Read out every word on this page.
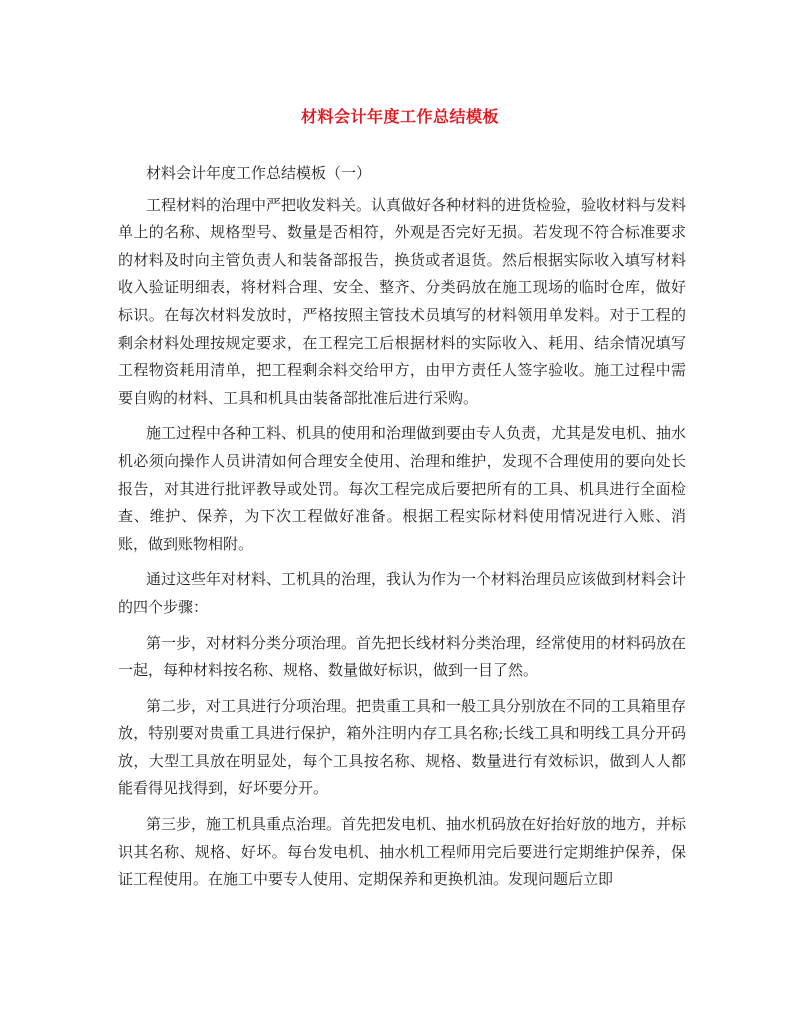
材料会计年度工作总结模板

材料会计年度工作总结模板（一）

工程材料的治理中严把收发料关。认真做好各种材料的进货检验，验收材料与发料单上的名称、规格型号、数量是否相符，外观是否完好无损。若发现不符合标准要求的材料及时向主管负责人和装备部报告，换货或者退货。然后根据实际收入填写材料收入验证明细表，将材料合理、安全、整齐、分类码放在施工现场的临时仓库，做好标识。在每次材料发放时，严格按照主管技术员填写的材料领用单发料。对于工程的剩余材料处理按规定要求，在工程完工后根据材料的实际收入、耗用、结余情况填写工程物资耗用清单，把工程剩余料交给甲方，由甲方责任人签字验收。施工过程中需要自购的材料、工具和机具由装备部批准后进行采购。

施工过程中各种工料、机具的使用和治理做到要由专人负责，尤其是发电机、抽水机必须向操作人员讲清如何合理安全使用、治理和维护，发现不合理使用的要向处长报告，对其进行批评教导或处罚。每次工程完成后要把所有的工具、机具进行全面检查、维护、保养，为下次工程做好准备。根据工程实际材料使用情况进行入账、消账，做到账物相附。

通过这些年对材料、工机具的治理，我认为作为一个材料治理员应该做到材料会计的四个步骤：

第一步，对材料分类分项治理。首先把长线材料分类治理，经常使用的材料码放在一起，每种材料按名称、规格、数量做好标识，做到一目了然。

第二步，对工具进行分项治理。把贵重工具和一般工具分别放在不同的工具箱里存放，特别要对贵重工具进行保护，箱外注明内存工具名称;长线工具和明线工具分开码放，大型工具放在明显处，每个工具按名称、规格、数量进行有效标识，做到人人都能看得见找得到，好坏要分开。

第三步，施工机具重点治理。首先把发电机、抽水机码放在好抬好放的地方，并标识其名称、规格、好坏。每台发电机、抽水机工程师用完后要进行定期维护保养，保证工程使用。在施工中要专人使用、定期保养和更换机油。发现问题后立即
